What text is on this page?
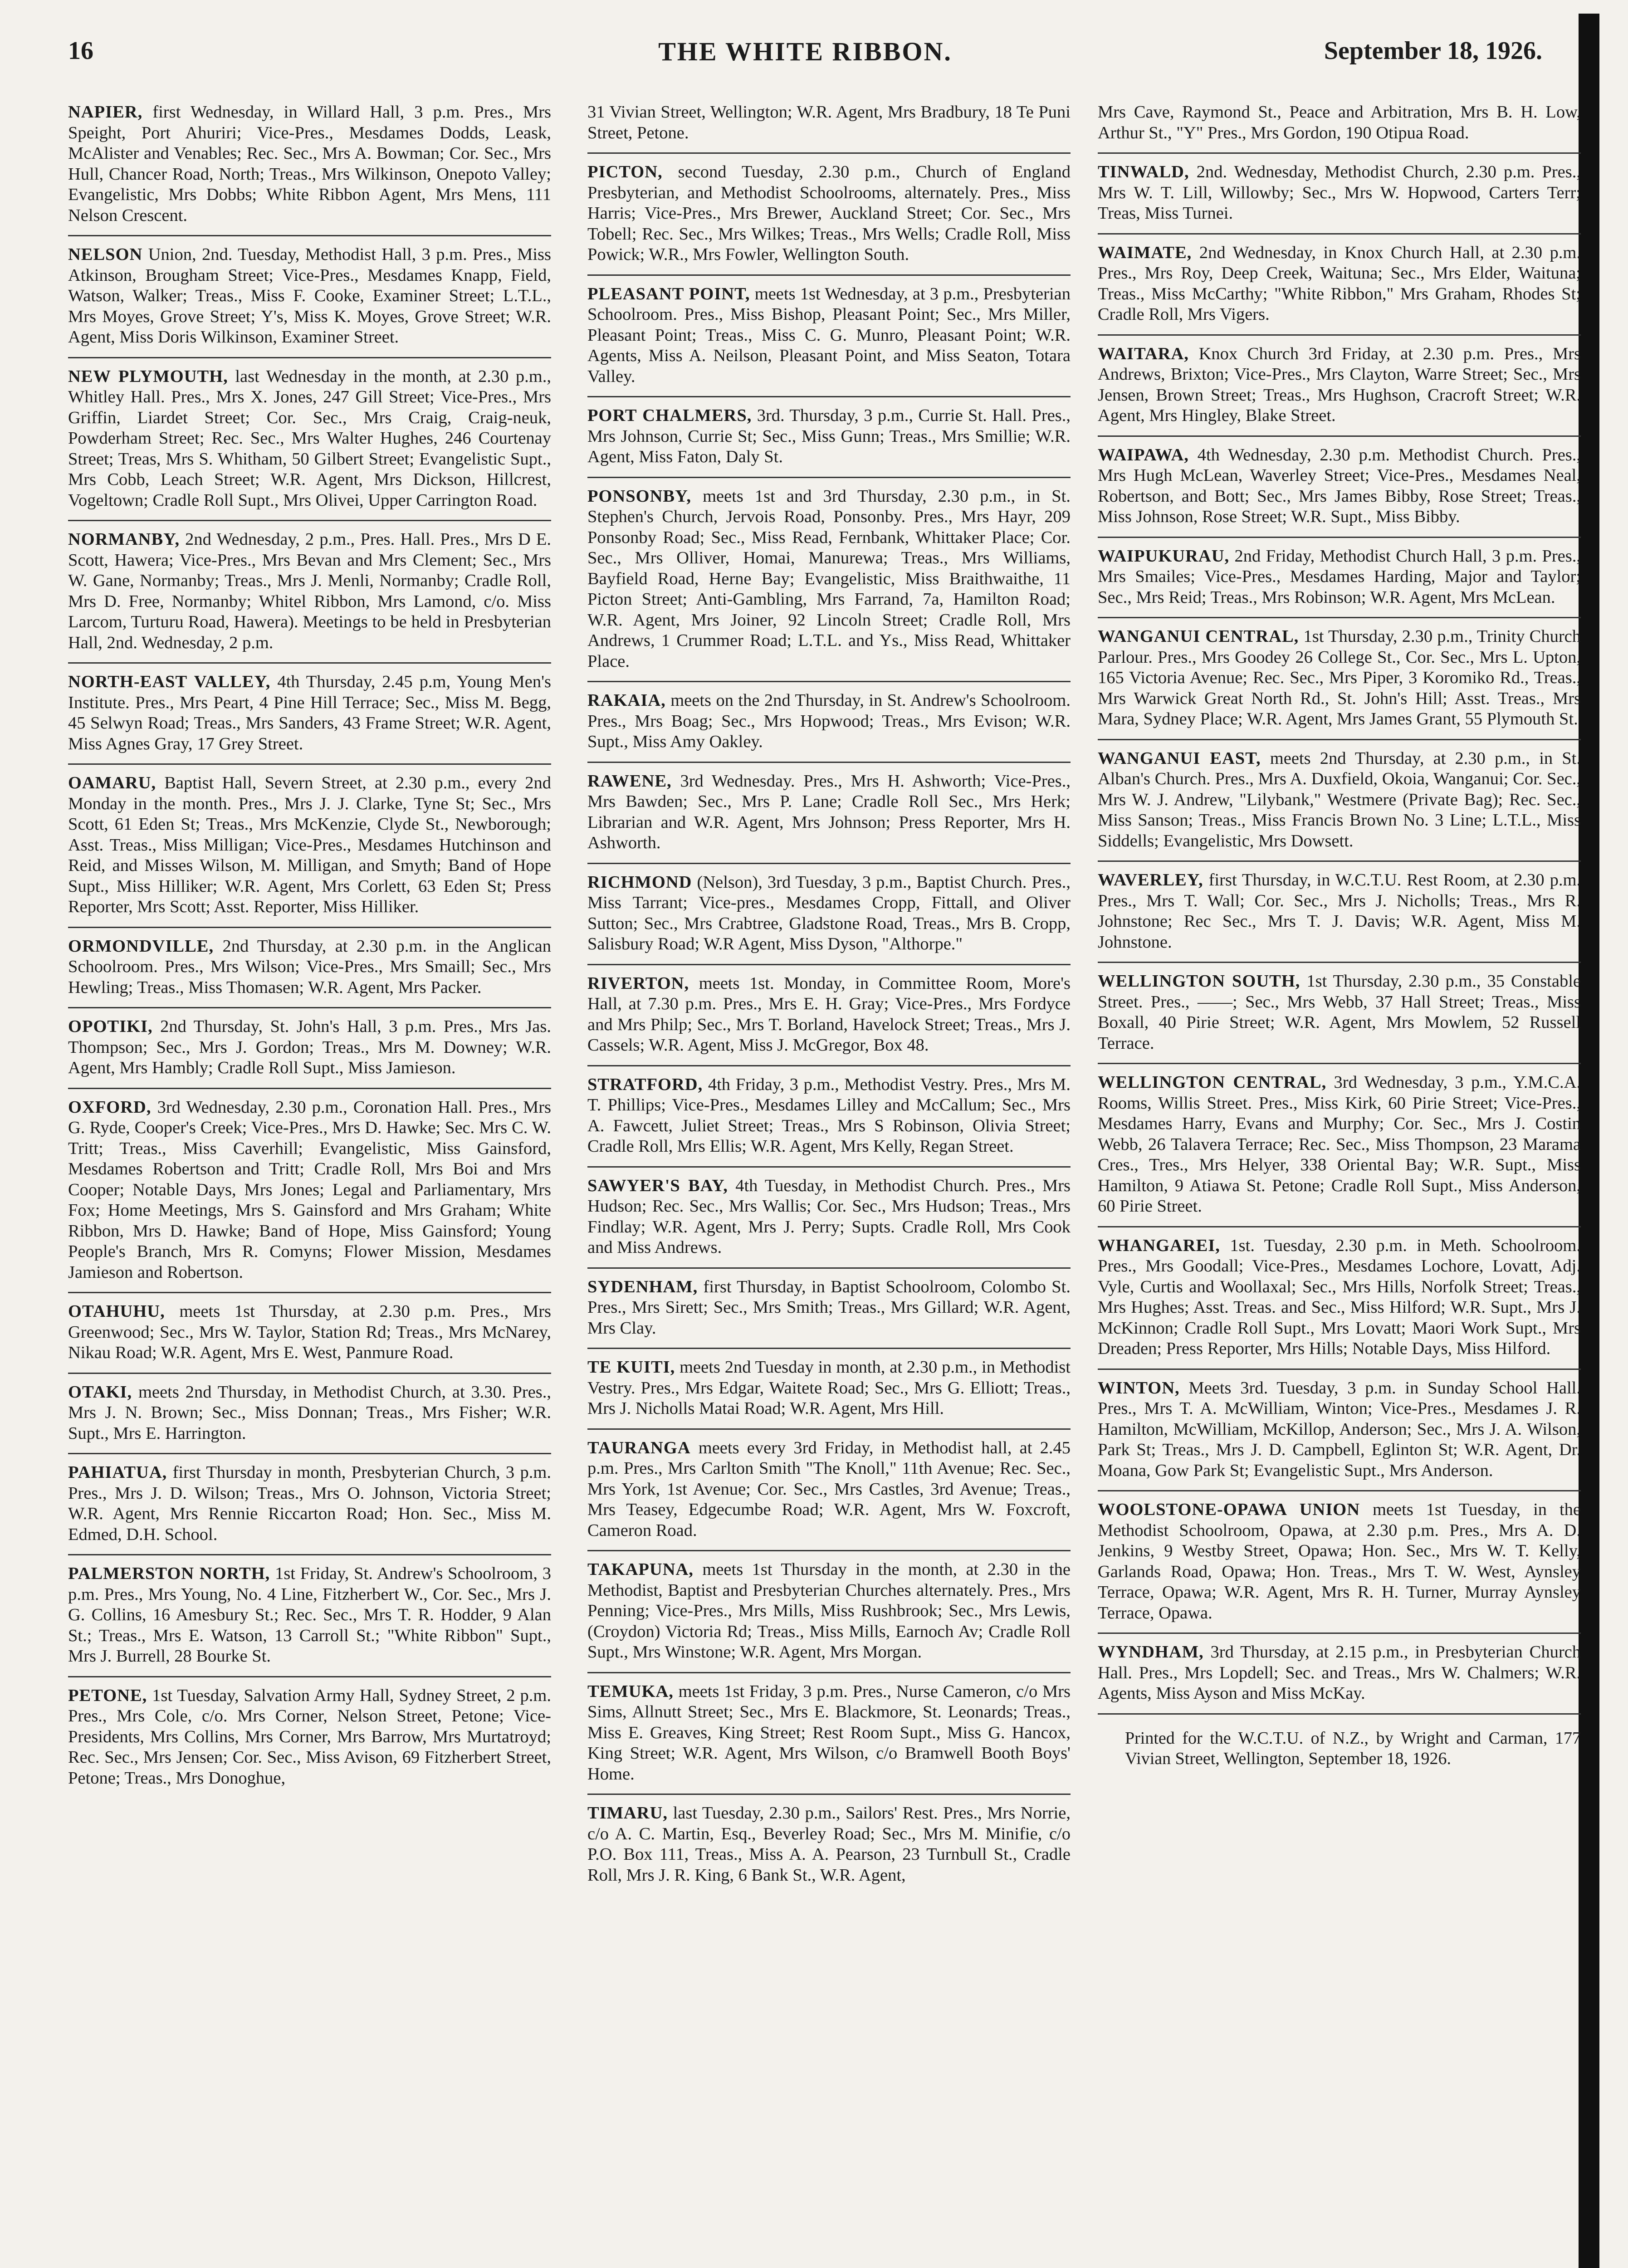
16	THE WHITE RIBBON.	September 18, 1926.

NAPIER, first Wednesday, in Willard Hall, 3 p.m. Pres., Mrs Speight, Port Ahuriri; Vice-Pres., Mesdames Dodds, Leask, McAlister and Venables; Rec. Sec., Mrs A. Bowman; Cor. Sec., Mrs Hull, Chancer Road, North; Treas., Mrs Wilkinson, Onepoto Valley; Evangelistic, Mrs Dobbs; White Ribbon Agent, Mrs Mens, 111 Nelson Crescent.

NELSON Union, 2nd. Tuesday, Methodist Hall, 3 p.m. Pres., Miss Atkinson, Brougham Street; Vice-Pres., Mesdames Knapp, Field, Watson, Walker; Treas., Miss F. Cooke, Examiner Street; L.T.L., Mrs Moyes, Grove Street; Y's, Miss K. Moyes, Grove Street; W.R. Agent, Miss Doris Wilkinson, Examiner Street.

NEW PLYMOUTH, last Wednesday in the month, at 2.30 p.m., Whitley Hall. Pres., Mrs X. Jones, 247 Gill Street; Vice-Pres., Mrs Griffin, Liardet Street; Cor. Sec., Mrs Craig, Craig-neuk, Powderham Street; Rec. Sec., Mrs Walter Hughes, 246 Courtenay Street; Treas, Mrs S. Whitham, 50 Gilbert Street; Evangelistic Supt., Mrs Cobb, Leach Street; W.R. Agent, Mrs Dickson, Hillcrest, Vogeltown; Cradle Roll Supt., Mrs Olivei, Upper Carrington Road.

NORMANBY, 2nd Wednesday, 2 p.m., Pres. Hall. Pres., Mrs D E. Scott, Hawera; Vice-Pres., Mrs Bevan and Mrs Clement; Sec., Mrs W. Gane, Normanby; Treas., Mrs J. Menli, Normanby; Cradle Roll, Mrs D. Free, Normanby; Whitel Ribbon, Mrs Lamond, c/o. Miss Larcom, Turturu Road, Hawera). Meetings to be held in Presbyterian Hall, 2nd. Wednesday, 2 p.m.

NORTH-EAST VALLEY, 4th Thursday, 2.45 p.m, Young Men's Institute. Pres., Mrs Peart, 4 Pine Hill Terrace; Sec., Miss M. Begg, 45 Selwyn Road; Treas., Mrs Sanders, 43 Frame Street; W.R. Agent, Miss Agnes Gray, 17 Grey Street.

OAMARU, Baptist Hall, Severn Street, at 2.30 p.m., every 2nd Monday in the month. Pres., Mrs J. J. Clarke, Tyne St; Sec., Mrs Scott, 61 Eden St; Treas., Mrs McKenzie, Clyde St., Newborough; Asst. Treas., Miss Milligan; Vice-Pres., Mesdames Hutchinson and Reid, and Misses Wilson, M. Milligan, and Smyth; Band of Hope Supt., Miss Hilliker; W.R. Agent, Mrs Corlett, 63 Eden St; Press Reporter, Mrs Scott; Asst. Reporter, Miss Hilliker.

ORMONDVILLE, 2nd Thursday, at 2.30 p.m. in the Anglican Schoolroom. Pres., Mrs Wilson; Vice-Pres., Mrs Smaill; Sec., Mrs Hewling; Treas., Miss Thomasen; W.R. Agent, Mrs Packer.

OPOTIKI, 2nd Thursday, St. John's Hall, 3 p.m. Pres., Mrs Jas. Thompson; Sec., Mrs J. Gordon; Treas., Mrs M. Downey; W.R. Agent, Mrs Hambly; Cradle Roll Supt., Miss Jamieson.

OXFORD, 3rd Wednesday, 2.30 p.m., Coronation Hall. Pres., Mrs G. Ryde, Cooper's Creek; Vice-Pres., Mrs D. Hawke; Sec. Mrs C. W. Tritt; Treas., Miss Caverhill; Evangelistic, Miss Gainsford, Mesdames Robertson and Tritt; Cradle Roll, Mrs Boi and Mrs Cooper; Notable Days, Mrs Jones; Legal and Parliamentary, Mrs Fox; Home Meetings, Mrs S. Gainsford and Mrs Graham; White Ribbon, Mrs D. Hawke; Band of Hope, Miss Gainsford; Young People's Branch, Mrs R. Comyns; Flower Mission, Mesdames Jamieson and Robertson.

OTAHUHU, meets 1st Thursday, at 2.30 p.m. Pres., Mrs Greenwood; Sec., Mrs W. Taylor, Station Rd; Treas., Mrs McNarey, Nikau Road; W.R. Agent, Mrs E. West, Panmure Road.

OTAKI, meets 2nd Thursday, in Methodist Church, at 3.30. Pres., Mrs J. N. Brown; Sec., Miss Donnan; Treas., Mrs Fisher; W.R. Supt., Mrs E. Harrington.

PAHIATUA, first Thursday in month, Presbyterian Church, 3 p.m. Pres., Mrs J. D. Wilson; Treas., Mrs O. Johnson, Victoria Street; W.R. Agent, Mrs Rennie Riccarton Road; Hon. Sec., Miss M. Edmed, D.H. School.

PALMERSTON NORTH, 1st Friday, St. Andrew's Schoolroom, 3 p.m. Pres., Mrs Young, No. 4 Line, Fitzherbert W., Cor. Sec., Mrs J. G. Collins, 16 Amesbury St.; Rec. Sec., Mrs T. R. Hodder, 9 Alan St.; Treas., Mrs E. Watson, 13 Carroll St.; "White Ribbon" Supt., Mrs J. Burrell, 28 Bourke St.

PETONE, 1st Tuesday, Salvation Army Hall, Sydney Street, 2 p.m. Pres., Mrs Cole, c/o. Mrs Corner, Nelson Street, Petone; Vice-Presidents, Mrs Collins, Mrs Corner, Mrs Barrow, Mrs Murtatroyd; Rec. Sec., Mrs Jensen; Cor. Sec., Miss Avison, 69 Fitzherbert Street, Petone; Treas., Mrs Donoghue,

31 Vivian Street, Wellington; W.R. Agent, Mrs Bradbury, 18 Te Puni Street, Petone.

PICTON, second Tuesday, 2.30 p.m., Church of England Presbyterian, and Methodist Schoolrooms, alternately. Pres., Miss Harris; Vice-Pres., Mrs Brewer, Auckland Street; Cor. Sec., Mrs Tobell; Rec. Sec., Mrs Wilkes; Treas., Mrs Wells; Cradle Roll, Miss Powick; W.R., Mrs Fowler, Wellington South.

PLEASANT POINT, meets 1st Wednesday, at 3 p.m., Presbyterian Schoolroom. Pres., Miss Bishop, Pleasant Point; Sec., Mrs Miller, Pleasant Point; Treas., Miss C. G. Munro, Pleasant Point; W.R. Agents, Miss A. Neilson, Pleasant Point, and Miss Seaton, Totara Valley.

PORT CHALMERS, 3rd. Thursday, 3 p.m., Currie St. Hall. Pres., Mrs Johnson, Currie St; Sec., Miss Gunn; Treas., Mrs Smillie; W.R. Agent, Miss Faton, Daly St.

PONSONBY, meets 1st and 3rd Thursday, 2.30 p.m., in St. Stephen's Church, Jervois Road, Ponsonby. Pres., Mrs Hayr, 209 Ponsonby Road; Sec., Miss Read, Fernbank, Whittaker Place; Cor. Sec., Mrs Olliver, Homai, Manurewa; Treas., Mrs Williams, Bayfield Road, Herne Bay; Evangelistic, Miss Braithwaithe, 11 Picton Street; Anti-Gambling, Mrs Farrand, 7a, Hamilton Road; W.R. Agent, Mrs Joiner, 92 Lincoln Street; Cradle Roll, Mrs Andrews, 1 Crummer Road; L.T.L. and Ys., Miss Read, Whittaker Place.

RAKAIA, meets on the 2nd Thursday, in St. Andrew's Schoolroom. Pres., Mrs Boag; Sec., Mrs Hopwood; Treas., Mrs Evison; W.R. Supt., Miss Amy Oakley.

RAWENE, 3rd Wednesday. Pres., Mrs H. Ashworth; Vice-Pres., Mrs Bawden; Sec., Mrs P. Lane; Cradle Roll Sec., Mrs Herk; Librarian and W.R. Agent, Mrs Johnson; Press Reporter, Mrs H. Ashworth.

RICHMOND (Nelson), 3rd Tuesday, 3 p.m., Baptist Church. Pres., Miss Tarrant; Vice-pres., Mesdames Cropp, Fittall, and Oliver Sutton; Sec., Mrs Crabtree, Gladstone Road, Treas., Mrs B. Cropp, Salisbury Road; W.R Agent, Miss Dyson, "Althorpe."

RIVERTON, meets 1st. Monday, in Committee Room, More's Hall, at 7.30 p.m. Pres., Mrs E. H. Gray; Vice-Pres., Mrs Fordyce and Mrs Philp; Sec., Mrs T. Borland, Havelock Street; Treas., Mrs J. Cassels; W.R. Agent, Miss J. McGregor, Box 48.

STRATFORD, 4th Friday, 3 p.m., Methodist Vestry. Pres., Mrs M. T. Phillips; Vice-Pres., Mesdames Lilley and McCallum; Sec., Mrs A. Fawcett, Juliet Street; Treas., Mrs S Robinson, Olivia Street; Cradle Roll, Mrs Ellis; W.R. Agent, Mrs Kelly, Regan Street.

SAWYER'S BAY, 4th Tuesday, in Methodist Church. Pres., Mrs Hudson; Rec. Sec., Mrs Wallis; Cor. Sec., Mrs Hudson; Treas., Mrs Findlay; W.R. Agent, Mrs J. Perry; Supts. Cradle Roll, Mrs Cook and Miss Andrews.

SYDENHAM, first Thursday, in Baptist Schoolroom, Colombo St. Pres., Mrs Sirett; Sec., Mrs Smith; Treas., Mrs Gillard; W.R. Agent, Mrs Clay.

TE KUITI, meets 2nd Tuesday in month, at 2.30 p.m., in Methodist Vestry. Pres., Mrs Edgar, Waitete Road; Sec., Mrs G. Elliott; Treas., Mrs J. Nicholls Matai Road; W.R. Agent, Mrs Hill.

TAURANGA meets every 3rd Friday, in Methodist hall, at 2.45 p.m. Pres., Mrs Carlton Smith "The Knoll," 11th Avenue; Rec. Sec., Mrs York, 1st Avenue; Cor. Sec., Mrs Castles, 3rd Avenue; Treas., Mrs Teasey, Edgecumbe Road; W.R. Agent, Mrs W. Foxcroft, Cameron Road.

TAKAPUNA, meets 1st Thursday in the month, at 2.30 in the Methodist, Baptist and Presbyterian Churches alternately. Pres., Mrs Penning; Vice-Pres., Mrs Mills, Miss Rushbrook; Sec., Mrs Lewis, (Croydon) Victoria Rd; Treas., Miss Mills, Earnoch Av; Cradle Roll Supt., Mrs Winstone; W.R. Agent, Mrs Morgan.

TEMUKA, meets 1st Friday, 3 p.m. Pres., Nurse Cameron, c/o Mrs Sims, Allnutt Street; Sec., Mrs E. Blackmore, St. Leonards; Treas., Miss E. Greaves, King Street; Rest Room Supt., Miss G. Hancox, King Street; W.R. Agent, Mrs Wilson, c/o Bramwell Booth Boys' Home.

TIMARU, last Tuesday, 2.30 p.m., Sailors' Rest. Pres., Mrs Norrie, c/o A. C. Martin, Esq., Beverley Road; Sec., Mrs M. Minifie, c/o P.O. Box 111, Treas., Miss A. A. Pearson, 23 Turnbull St., Cradle Roll, Mrs J. R. King, 6 Bank St., W.R. Agent,

Mrs Cave, Raymond St., Peace and Arbitration, Mrs B. H. Low, Arthur St., "Y" Pres., Mrs Gordon, 190 Otipua Road.

TINWALD, 2nd. Wednesday, Methodist Church, 2.30 p.m. Pres., Mrs W. T. Lill, Willowby; Sec., Mrs W. Hopwood, Carters Terr; Treas, Miss Turnei.

WAIMATE, 2nd Wednesday, in Knox Church Hall, at 2.30 p.m. Pres., Mrs Roy, Deep Creek, Waituna; Sec., Mrs Elder, Waituna; Treas., Miss McCarthy; "White Ribbon," Mrs Graham, Rhodes St; Cradle Roll, Mrs Vigers.

WAITARA, Knox Church 3rd Friday, at 2.30 p.m. Pres., Mrs Andrews, Brixton; Vice-Pres., Mrs Clayton, Warre Street; Sec., Mrs Jensen, Brown Street; Treas., Mrs Hughson, Cracroft Street; W.R. Agent, Mrs Hingley, Blake Street.

WAIPAWA, 4th Wednesday, 2.30 p.m. Methodist Church. Pres., Mrs Hugh McLean, Waverley Street; Vice-Pres., Mesdames Neal, Robertson, and Bott; Sec., Mrs James Bibby, Rose Street; Treas., Miss Johnson, Rose Street; W.R. Supt., Miss Bibby.

WAIPUKURAU, 2nd Friday, Methodist Church Hall, 3 p.m. Pres., Mrs Smailes; Vice-Pres., Mesdames Harding, Major and Taylor; Sec., Mrs Reid; Treas., Mrs Robinson; W.R. Agent, Mrs McLean.

WANGANUI CENTRAL, 1st Thursday, 2.30 p.m., Trinity Church Parlour. Pres., Mrs Goodey 26 College St., Cor. Sec., Mrs L. Upton, 165 Victoria Avenue; Rec. Sec., Mrs Piper, 3 Koromiko Rd., Treas., Mrs Warwick Great North Rd., St. John's Hill; Asst. Treas., Mrs Mara, Sydney Place; W.R. Agent, Mrs James Grant, 55 Plymouth St.

WANGANUI EAST, meets 2nd Thursday, at 2.30 p.m., in St. Alban's Church. Pres., Mrs A. Duxfield, Okoia, Wanganui; Cor. Sec., Mrs W. J. Andrew, "Lilybank," Westmere (Private Bag); Rec. Sec., Miss Sanson; Treas., Miss Francis Brown No. 3 Line; L.T.L., Miss Siddells; Evangelistic, Mrs Dowsett.

WAVERLEY, first Thursday, in W.C.T.U. Rest Room, at 2.30 p.m. Pres., Mrs T. Wall; Cor. Sec., Mrs J. Nicholls; Treas., Mrs R. Johnstone; Rec Sec., Mrs T. J. Davis; W.R. Agent, Miss M. Johnstone.

WELLINGTON SOUTH, 1st Thursday, 2.30 p.m., 35 Constable Street. Pres., ——; Sec., Mrs Webb, 37 Hall Street; Treas., Miss Boxall, 40 Pirie Street; W.R. Agent, Mrs Mowlem, 52 Russell Terrace.

WELLINGTON CENTRAL, 3rd Wednesday, 3 p.m., Y.M.C.A. Rooms, Willis Street. Pres., Miss Kirk, 60 Pirie Street; Vice-Pres., Mesdames Harry, Evans and Murphy; Cor. Sec., Mrs J. Costin Webb, 26 Talavera Terrace; Rec. Sec., Miss Thompson, 23 Marama Cres., Tres., Mrs Helyer, 338 Oriental Bay; W.R. Supt., Miss Hamilton, 9 Atiawa St. Petone; Cradle Roll Supt., Miss Anderson, 60 Pirie Street.

WHANGAREI, 1st. Tuesday, 2.30 p.m. in Meth. Schoolroom. Pres., Mrs Goodall; Vice-Pres., Mesdames Lochore, Lovatt, Adj. Vyle, Curtis and Woollaxal; Sec., Mrs Hills, Norfolk Street; Treas., Mrs Hughes; Asst. Treas. and Sec., Miss Hilford; W.R. Supt., Mrs J. McKinnon; Cradle Roll Supt., Mrs Lovatt; Maori Work Supt., Mrs Dreaden; Press Reporter, Mrs Hills; Notable Days, Miss Hilford.

WINTON, Meets 3rd. Tuesday, 3 p.m. in Sunday School Hall. Pres., Mrs T. A. McWilliam, Winton; Vice-Pres., Mesdames J. R. Hamilton, McWilliam, McKillop, Anderson; Sec., Mrs J. A. Wilson, Park St; Treas., Mrs J. D. Campbell, Eglinton St; W.R. Agent, Dr. Moana, Gow Park St; Evangelistic Supt., Mrs Anderson.

WOOLSTONE-OPAWA UNION meets 1st Tuesday, in the Methodist Schoolroom, Opawa, at 2.30 p.m. Pres., Mrs A. D. Jenkins, 9 Westby Street, Opawa; Hon. Sec., Mrs W. T. Kelly, Garlands Road, Opawa; Hon. Treas., Mrs T. W. West, Aynsley Terrace, Opawa; W.R. Agent, Mrs R. H. Turner, Murray Aynsley Terrace, Opawa.

WYNDHAM, 3rd Thursday, at 2.15 p.m., in Presbyterian Church Hall. Pres., Mrs Lopdell; Sec. and Treas., Mrs W. Chalmers; W.R. Agents, Miss Ayson and Miss McKay.

Printed for the W.C.T.U. of N.Z., by Wright and Carman, 177 Vivian Street, Wellington, September 18, 1926.
